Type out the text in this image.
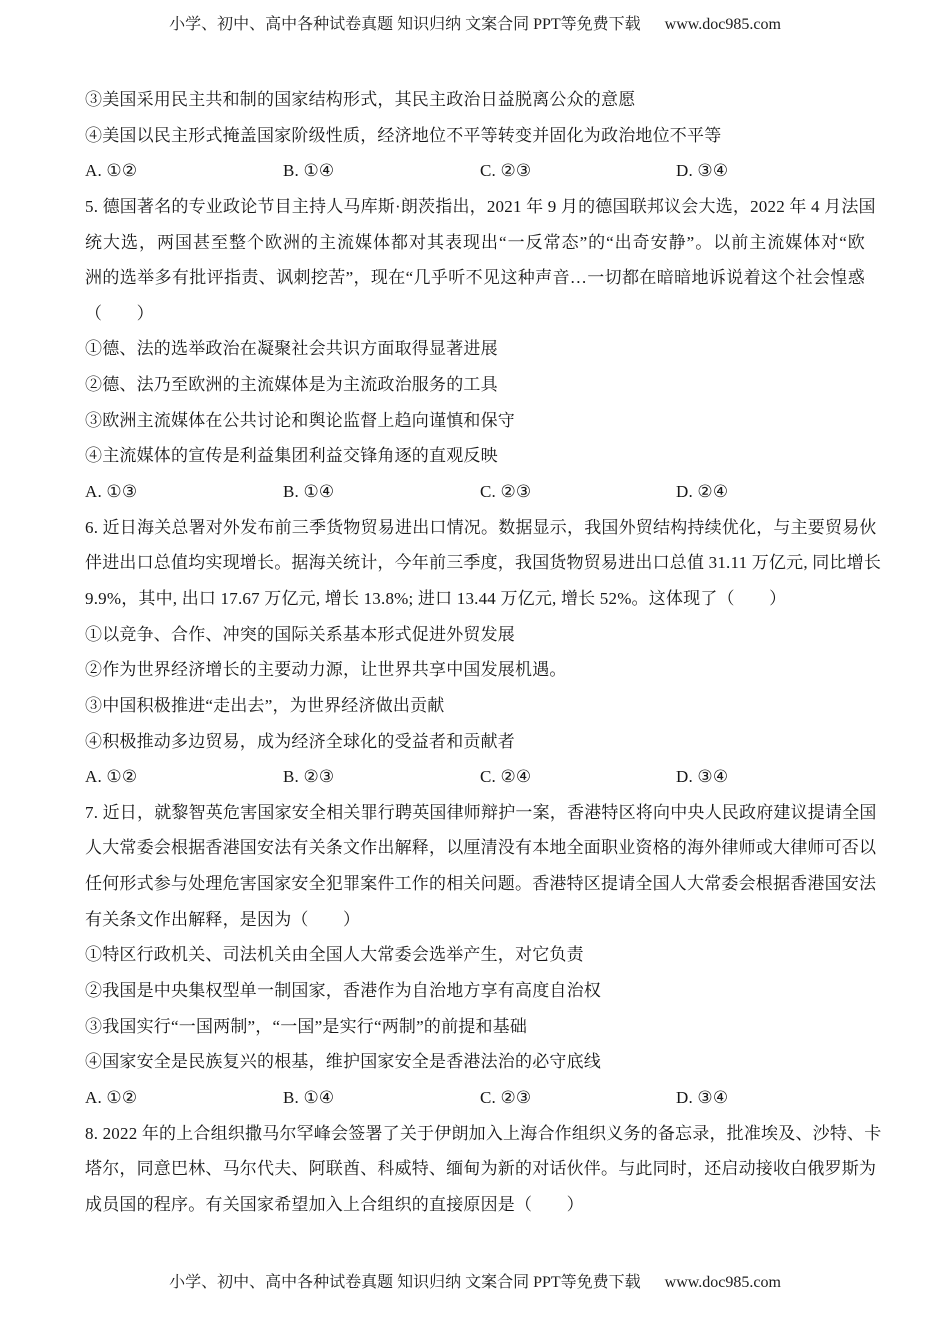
小学、初中、高中各种试卷真题 知识归纳 文案合同 PPT等免费下载 www.doc985.com
③美国采用民主共和制的国家结构形式，其民主政治日益脱离公众的意愿
④美国以民主形式掩盖国家阶级性质，经济地位不平等转变并固化为政治地位不平等
A. ①②	B. ①④	C. ②③	D. ③④
5. 德国著名的专业政论节目主持人马库斯·朗茨指出，2021 年 9 月的德国联邦议会大选，2022 年 4 月法国
统大选，两国甚至整个欧洲的主流媒体都对其表现出“一反常态”的“出奇安静”。以前主流媒体对“欧
洲的选举多有批评指责、讽刺挖苦”，现在“几乎听不见这种声音…一切都在暗暗地诉说着这个社会惶惑
（　　）
①德、法的选举政治在凝聚社会共识方面取得显著进展
②德、法乃至欧洲的主流媒体是为主流政治服务的工具
③欧洲主流媒体在公共讨论和舆论监督上趋向谨慎和保守
④主流媒体的宣传是利益集团利益交锋角逐的直观反映
A. ①③	B. ①④	C. ②③	D. ②④
6. 近日海关总署对外发布前三季货物贸易进出口情况。数据显示，我国外贸结构持续优化，与主要贸易伙
伴进出口总值均实现增长。据海关统计，今年前三季度，我国货物贸易进出口总值 31.11 万亿元, 同比增长
9.9%，其中, 出口 17.67 万亿元, 增长 13.8%; 进口 13.44 万亿元, 增长 52%。这体现了（　　）
①以竞争、合作、冲突的国际关系基本形式促进外贸发展
②作为世界经济增长的主要动力源，让世界共享中国发展机遇。
③中国积极推进“走出去”，为世界经济做出贡献
④积极推动多边贸易，成为经济全球化的受益者和贡献者
A. ①②	B. ②③	C. ②④	D. ③④
7. 近日，就黎智英危害国家安全相关罪行聘英国律师辩护一案，香港特区将向中央人民政府建议提请全国
人大常委会根据香港国安法有关条文作出解释，以厘清没有本地全面职业资格的海外律师或大律师可否以
任何形式参与处理危害国家安全犯罪案件工作的相关问题。香港特区提请全国人大常委会根据香港国安法
有关条文作出解释，是因为（　　）
①特区行政机关、司法机关由全国人大常委会选举产生，对它负责
②我国是中央集权型单一制国家，香港作为自治地方享有高度自治权
③我国实行“一国两制”，“一国”是实行“两制”的前提和基础
④国家安全是民族复兴的根基，维护国家安全是香港法治的必守底线
A. ①②	B. ①④	C. ②③	D. ③④
8. 2022 年的上合组织撒马尔罕峰会签署了关于伊朗加入上海合作组织义务的备忘录，批准埃及、沙特、卡
塔尔，同意巴林、马尔代夫、阿联酋、科威特、缅甸为新的对话伙伴。与此同时，还启动接收白俄罗斯为
成员国的程序。有关国家希望加入上合组织的直接原因是（　　）
小学、初中、高中各种试卷真题 知识归纳 文案合同 PPT等免费下载 www.doc985.com
